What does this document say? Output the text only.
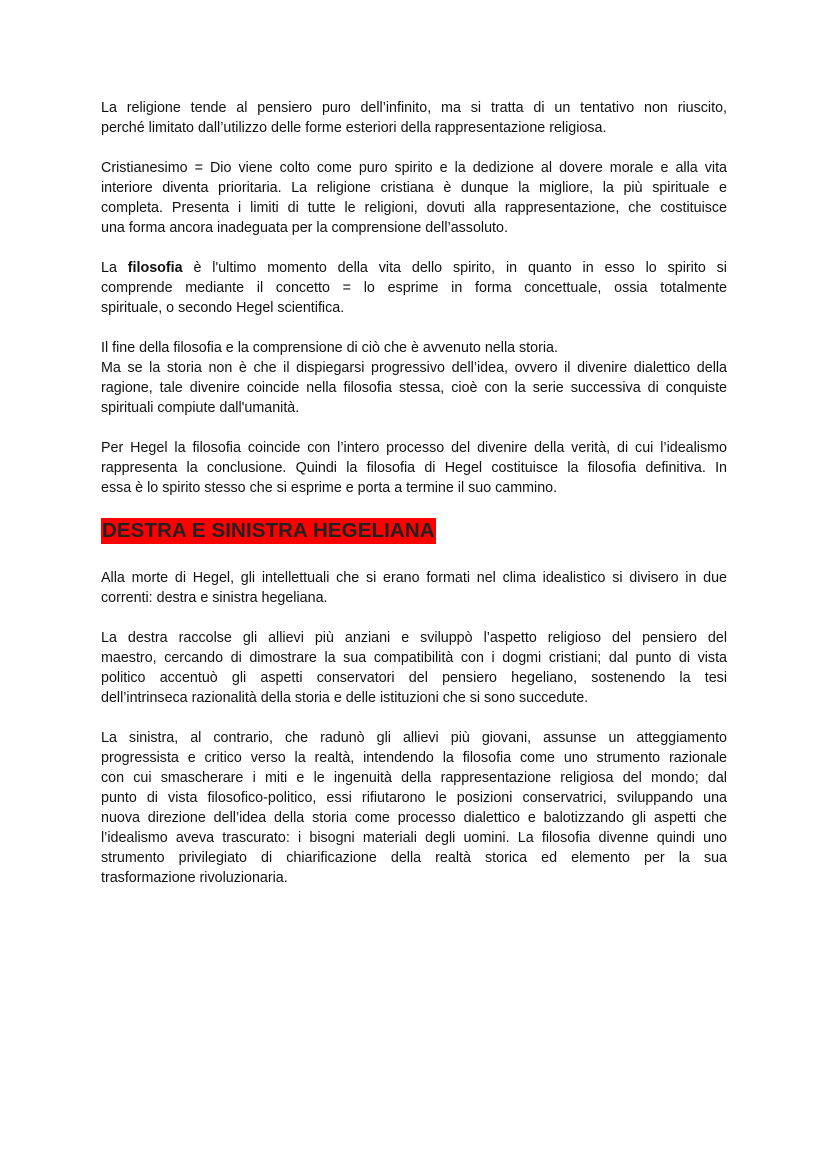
La religione tende al pensiero puro dell’infinito, ma si tratta di un tentativo non riuscito,
perché limitato dall’utilizzo delle forme esteriori della rappresentazione religiosa.

Cristianesimo = Dio viene colto come puro spirito e la dedizione al dovere morale e alla vita
interiore diventa prioritaria. La religione cristiana è dunque la migliore, la più spirituale e
completa. Presenta i limiti di tutte le religioni, dovuti alla rappresentazione, che costituisce
una forma ancora inadeguata per la comprensione dell’assoluto.

La filosofia è l'ultimo momento della vita dello spirito, in quanto in esso lo spirito si
comprende mediante il concetto = lo esprime in forma concettuale, ossia totalmente
spirituale, o secondo Hegel scientifica.

Il fine della filosofia e la comprensione di ciò che è avvenuto nella storia.
Ma se la storia non è che il dispiegarsi progressivo dell’idea, ovvero il divenire dialettico della
ragione, tale divenire coincide nella filosofia stessa, cioè con la serie successiva di conquiste
spirituali compiute dall'umanità.

Per Hegel la filosofia coincide con l’intero processo del divenire della verità, di cui l’idealismo
rappresenta la conclusione. Quindi la filosofia di Hegel costituisce la filosofia definitiva. In
essa è lo spirito stesso che si esprime e porta a termine il suo cammino.

DESTRA E SINISTRA HEGELIANA

Alla morte di Hegel, gli intellettuali che si erano formati nel clima idealistico si divisero in due
correnti: destra e sinistra hegeliana.

La destra raccolse gli allievi più anziani e sviluppò l’aspetto religioso del pensiero del
maestro, cercando di dimostrare la sua compatibilità con i dogmi cristiani; dal punto di vista
politico accentuò gli aspetti conservatori del pensiero hegeliano, sostenendo la tesi
dell’intrinseca razionalità della storia e delle istituzioni che si sono succedute.

La sinistra, al contrario, che radunò gli allievi più giovani, assunse un atteggiamento
progressista e critico verso la realtà, intendendo la filosofia come uno strumento razionale
con cui smascherare i miti e le ingenuità della rappresentazione religiosa del mondo; dal
punto di vista filosofico-politico, essi rifiutarono le posizioni conservatrici, sviluppando una
nuova direzione dell’idea della storia come processo dialettico e balotizzando gli aspetti che
l’idealismo aveva trascurato: i bisogni materiali degli uomini. La filosofia divenne quindi uno
strumento privilegiato di chiarificazione della realtà storica ed elemento per la sua
trasformazione rivoluzionaria.
